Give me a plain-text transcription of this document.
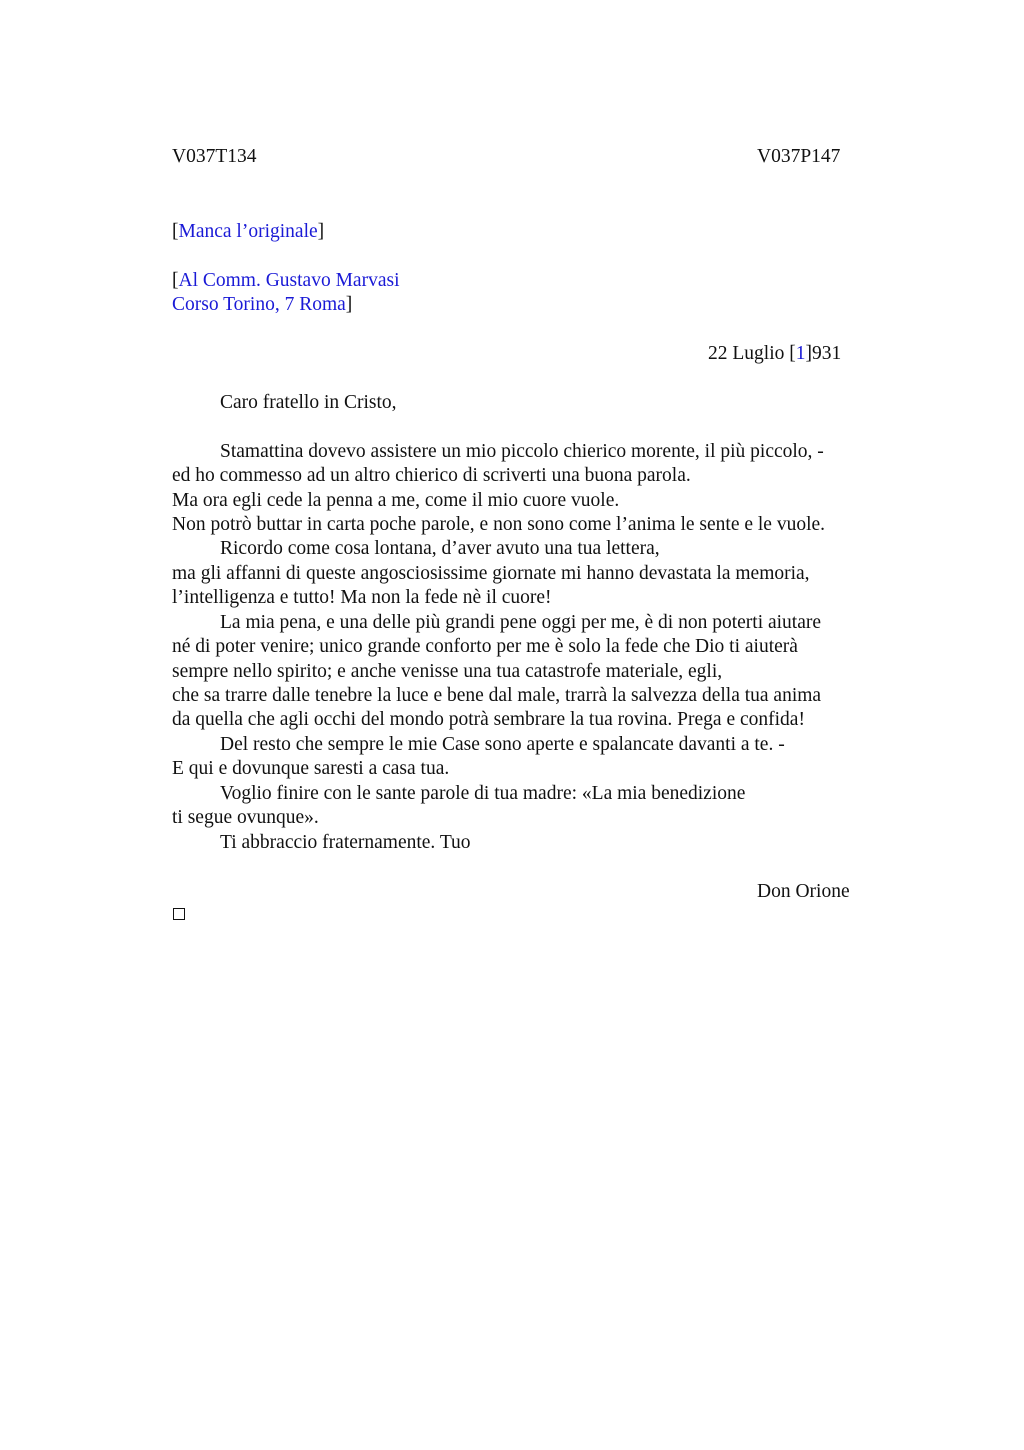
V037T134	V037P147
[Manca l’originale]
[Al Comm. Gustavo Marvasi
Corso Torino, 7 Roma]
22 Luglio [1]931
Caro fratello in Cristo,
Stamattina dovevo assistere un mio piccolo chierico morente, il più piccolo, -
ed ho commesso ad un altro chierico di scriverti una buona parola.
Ma ora egli cede la penna a me, come il mio cuore vuole.
Non potrò buttar in carta poche parole, e non sono come l’anima le sente e le vuole.
Ricordo come cosa lontana, d’aver avuto una tua lettera,
ma gli affanni di queste angosciosissime giornate mi hanno devastata la memoria,
l’intelligenza e tutto! Ma non la fede nè il cuore!
La mia pena, e una delle più grandi pene oggi per me, è di non poterti aiutare
né di poter venire; unico grande conforto per me è solo la fede che Dio ti aiuterà
sempre nello spirito; e anche venisse una tua catastrofe materiale, egli,
che sa trarre dalle tenebre la luce e bene dal male, trarrà la salvezza della tua anima
da quella che agli occhi del mondo potrà sembrare la tua rovina. Prega e confida!
Del resto che sempre le mie Case sono aperte e spalancate davanti a te. -
E qui e dovunque saresti a casa tua.
Voglio finire con le sante parole di tua madre: «La mia benedizione
ti segue ovunque».
Ti abbraccio fraternamente. Tuo
Don Orione
